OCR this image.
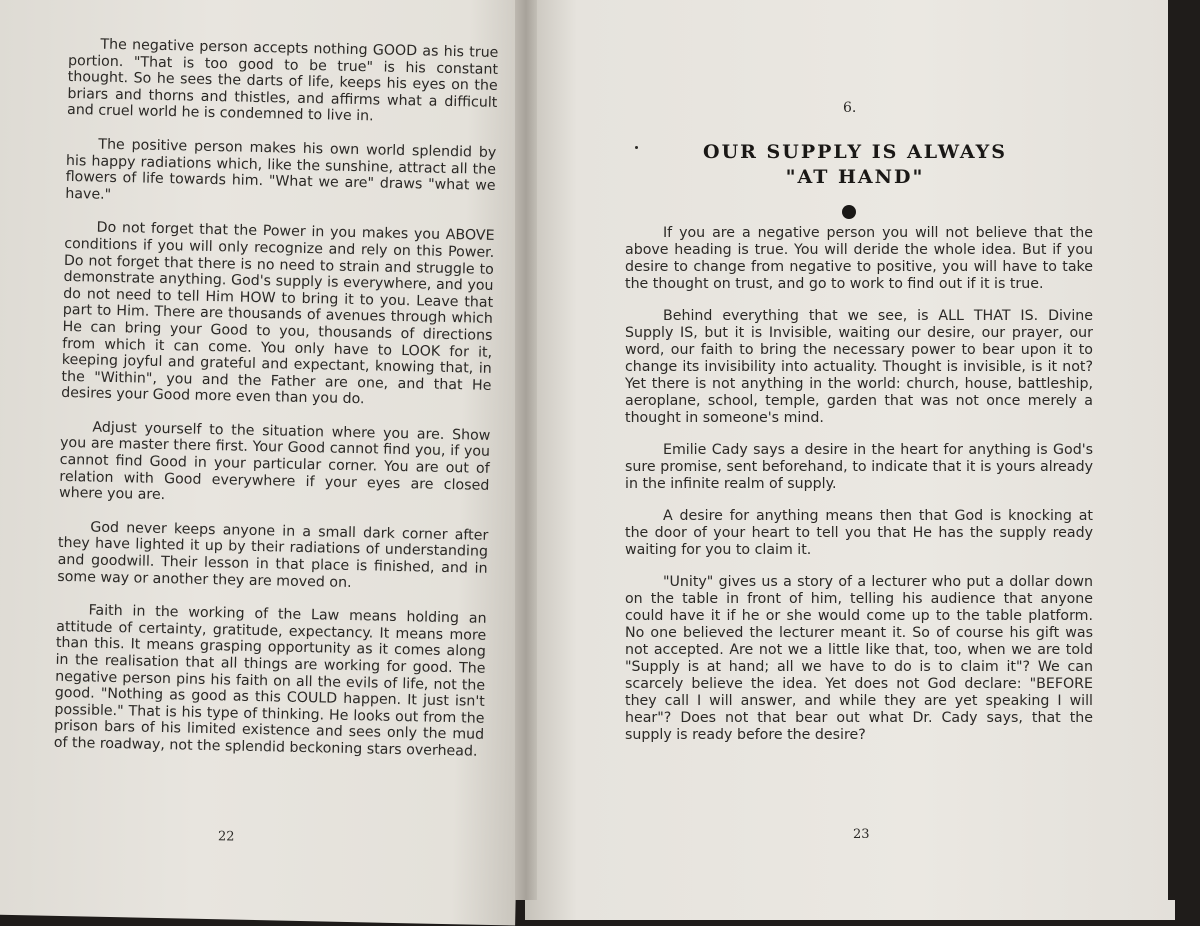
The negative person accepts nothing GOOD as his true portion. "That is too good to be true" is his constant thought. So he sees the darts of life, keeps his eyes on the briars and thorns and thistles, and affirms what a difficult and cruel world he is condemned to live in.

The positive person makes his own world splendid by his happy radiations which, like the sunshine, attract all the flowers of life towards him. "What we are" draws "what we have."

Do not forget that the Power in you makes you ABOVE conditions if you will only recognize and rely on this Power. Do not forget that there is no need to strain and struggle to demonstrate anything. God's supply is everywhere, and you do not need to tell Him HOW to bring it to you. Leave that part to Him. There are thousands of avenues through which He can bring your Good to you, thousands of directions from which it can come. You only have to LOOK for it, keeping joyful and grateful and expectant, knowing that, in the "Within", you and the Father are one, and that He desires your Good more even than you do.

Adjust yourself to the situation where you are. Show you are master there first. Your Good cannot find you, if you cannot find Good in your particular corner. You are out of relation with Good everywhere if your eyes are closed where you are.

God never keeps anyone in a small dark corner after they have lighted it up by their radiations of understanding and goodwill. Their lesson in that place is finished, and in some way or another they are moved on.

Faith in the working of the Law means holding an attitude of certainty, gratitude, expectancy. It means more than this. It means grasping opportunity as it comes along in the realisation that all things are working for good. The negative person pins his faith on all the evils of life, not the good. "Nothing as good as this COULD happen. It just isn't possible." That is his type of thinking. He looks out from the prison bars of his limited existence and sees only the mud of the roadway, not the splendid beckoning stars overhead.

22
6.
OUR SUPPLY IS ALWAYS
"AT HAND"

If you are a negative person you will not believe that the above heading is true. You will deride the whole idea. But if you desire to change from negative to positive, you will have to take the thought on trust, and go to work to find out if it is true.

Behind everything that we see, is ALL THAT IS. Divine Supply IS, but it is Invisible, waiting our desire, our prayer, our word, our faith to bring the necessary power to bear upon it to change its invisibility into actuality. Thought is invisible, is it not? Yet there is not anything in the world: church, house, battleship, aeroplane, school, temple, garden that was not once merely a thought in someone's mind.

Emilie Cady says a desire in the heart for anything is God's sure promise, sent beforehand, to indicate that it is yours already in the infinite realm of supply.

A desire for anything means then that God is knocking at the door of your heart to tell you that He has the supply ready waiting for you to claim it.

"Unity" gives us a story of a lecturer who put a dollar down on the table in front of him, telling his audience that anyone could have it if he or she would come up to the table platform. No one believed the lecturer meant it. So of course his gift was not accepted. Are not we a little like that, too, when we are told "Supply is at hand; all we have to do is to claim it"? We can scarcely believe the idea. Yet does not God declare: "BEFORE they call I will answer, and while they are yet speaking I will hear"? Does not that bear out what Dr. Cady says, that the supply is ready before the desire?

23
